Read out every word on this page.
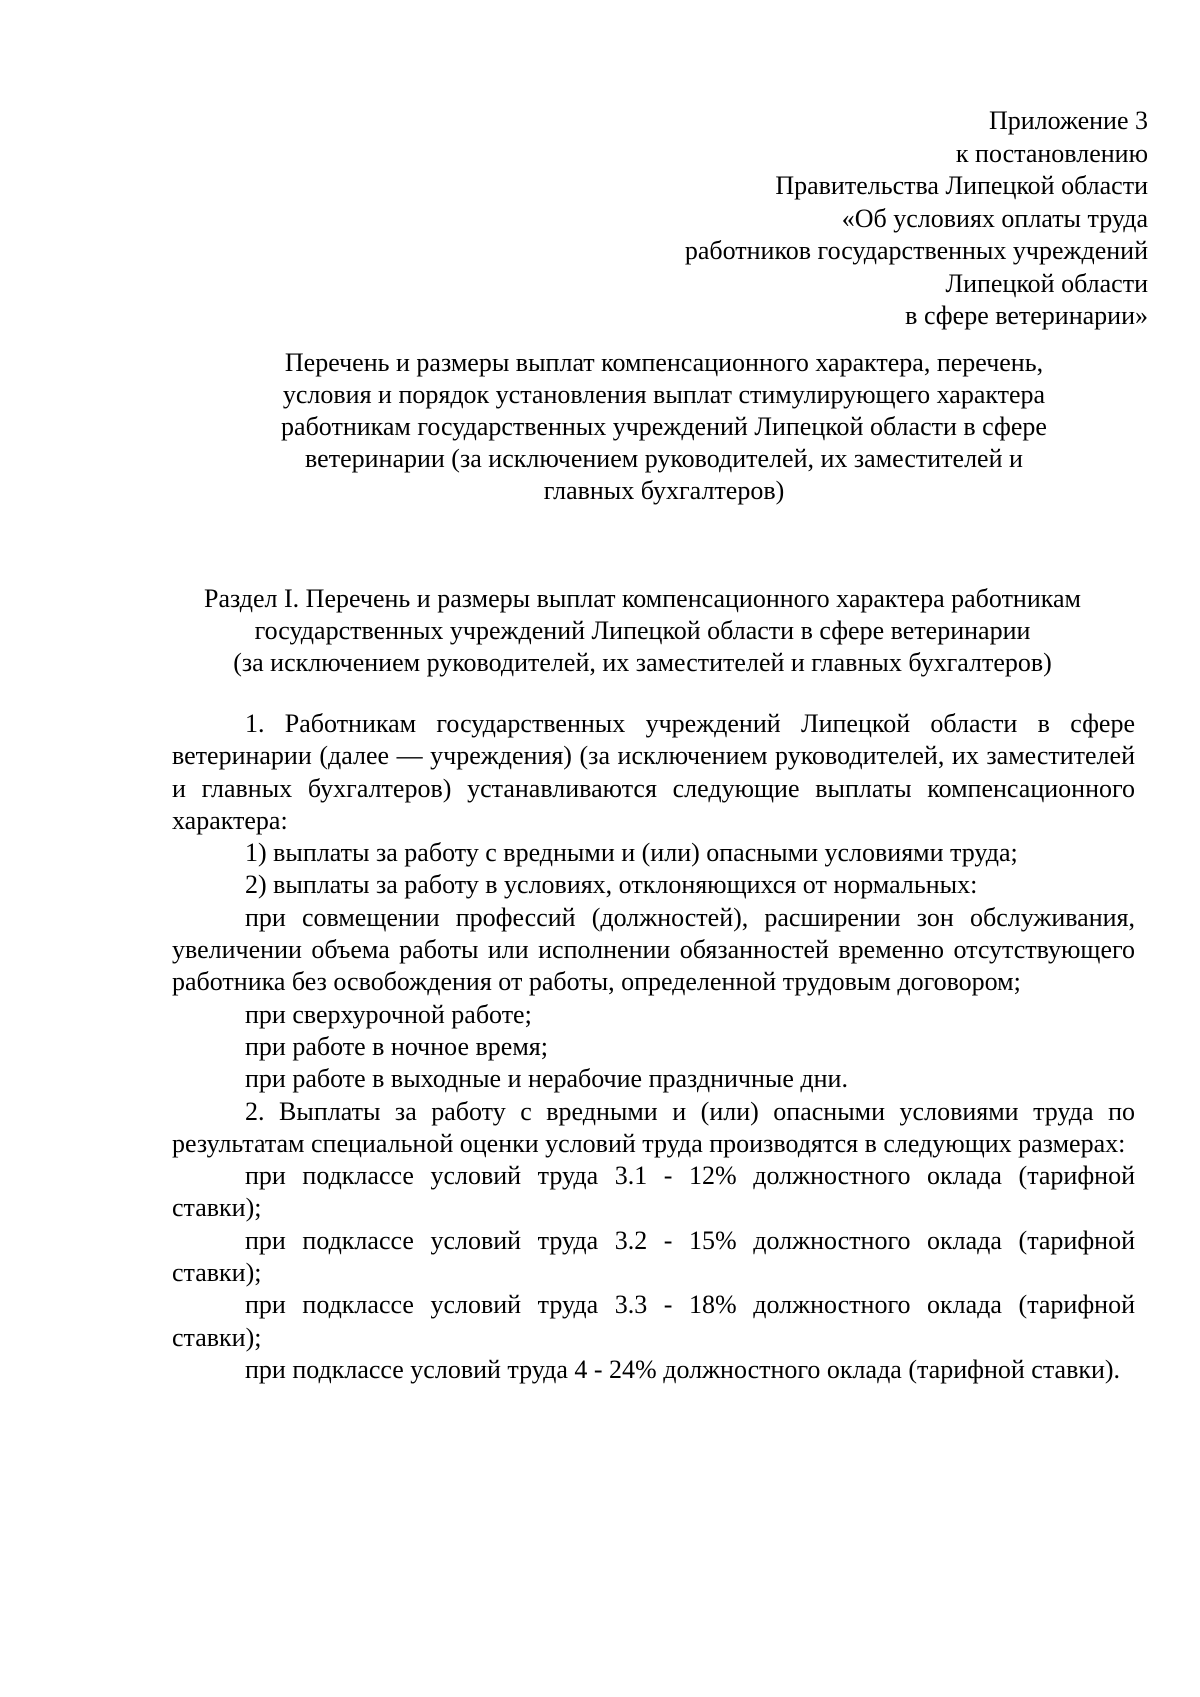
Приложение 3
к постановлению
Правительства Липецкой области
«Об условиях оплаты труда
работников государственных учреждений
Липецкой области
в сфере ветеринарии»
Перечень и размеры выплат компенсационного характера, перечень,
условия и порядок установления выплат стимулирующего характера
работникам государственных учреждений Липецкой области в сфере
ветеринарии (за исключением руководителей, их заместителей и
главных бухгалтеров)
Раздел I. Перечень и размеры выплат компенсационного характера работникам
государственных учреждений Липецкой области в сфере ветеринарии
(за исключением руководителей, их заместителей и главных бухгалтеров)

1. Работникам государственных учреждений Липецкой области в сфере ветеринарии (далее — учреждения) (за исключением руководителей, их заместителей и главных бухгалтеров) устанавливаются следующие выплаты компенсационного характера:

1) выплаты за работу с вредными и (или) опасными условиями труда;

2) выплаты за работу в условиях, отклоняющихся от нормальных:

при совмещении профессий (должностей), расширении зон обслуживания, увеличении объема работы или исполнении обязанностей временно отсутствующего работника без освобождения от работы, определенной трудовым договором;

при сверхурочной работе;

при работе в ночное время;

при работе в выходные и нерабочие праздничные дни.

2. Выплаты за работу с вредными и (или) опасными условиями труда по результатам специальной оценки условий труда производятся в следующих размерах:

при подклассе условий труда 3.1 - 12% должностного оклада (тарифной ставки);

при подклассе условий труда 3.2 - 15% должностного оклада (тарифной ставки);

при подклассе условий труда 3.3 - 18% должностного оклада (тарифной ставки);

при подклассе условий труда 4 - 24% должностного оклада (тарифной ставки).
